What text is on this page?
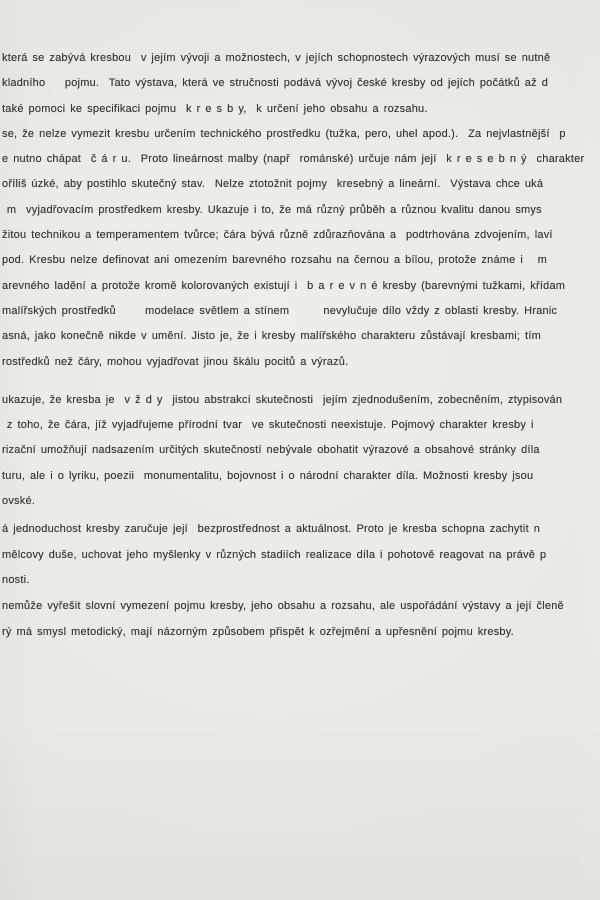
která se zabývá kresbou  v jejím vývoji a možnostech, v jejích schopnostech výrazových musí se nutně
kladního    pojmu.  Tato výstava, která ve stručnosti podává vývoj české kresby od jejích počátků až d
také pomoci ke specifikaci pojmu  k r e s b y,  k určení jeho obsahu a rozsahu.
se, že nelze vymezit kresbu určením technického prostředku (tužka, pero, uhel apod.).  Za nejvlastnější  p
e nutno chápat  č á r u.  Proto lineárnost malby (např  románské) určuje nám její  k r e s e b n ý  charakter
oříliš úzké, aby postihlo skutečný stav.  Nelze ztotožnit pojmy  kresebný a lineární.  Výstava chce uká
m  vyjadřovacím prostředkem kresby. Ukazuje i to, že má různý průběh a různou kvalitu danou smys
žitou technikou a temperamentem tvůrce; čára bývá různě zdůrazňována a  podtrhována zdvojením, laví
pod. Kresbu nelze definovat ani omezením barevného rozsahu na černou a bílou, protože známe i   m
arevného ladění a protože kromě kolorovaných existují i  b a r e v n é kresby (barevnými tužkami, křídam
malířských prostředků      modelace světlem a stínem       nevylučuje dílo vždy z oblasti kresby. Hranic
asná, jako konečně nikde v umění. Jisto je, že i kresby malířského charakteru zůstávají kresbami; tím
rostředků než čáry, mohou vyjadřovat jinou škálu pocitů a výrazů.
ukazuje, že kresba je  v ž d y  jistou abstrakcí skutečnosti  jejím zjednodušením, zobecněním, ztypisován
z toho, že čára, jíž vyjadřujeme přírodní tvar  ve skutečnosti neexistuje. Pojmový charakter kresby i
rizační umožňují nadsazením určitých skutečností nebývale obohatit výrazové a obsahové stránky díla
turu, ale i o lyriku, poezii  monumentalitu, bojovnost i o národní charakter díla. Možnosti kresby jsou
ovské.
á jednoduchost kresby zaručuje její  bezprostřednost a aktuálnost. Proto je kresba schopna zachytit n
mělcovy duše, uchovat jeho myšlenky v různých stadiích realizace díla i pohotově reagovat na právě p
nosti.
nemůže vyřešit slovní vymezení pojmu kresby, jeho obsahu a rozsahu, ale uspořádání výstavy a její členě
rý má smysl metodický, mají názorným způsobem přispět k ozřejmění a upřesnění pojmu kresby.
